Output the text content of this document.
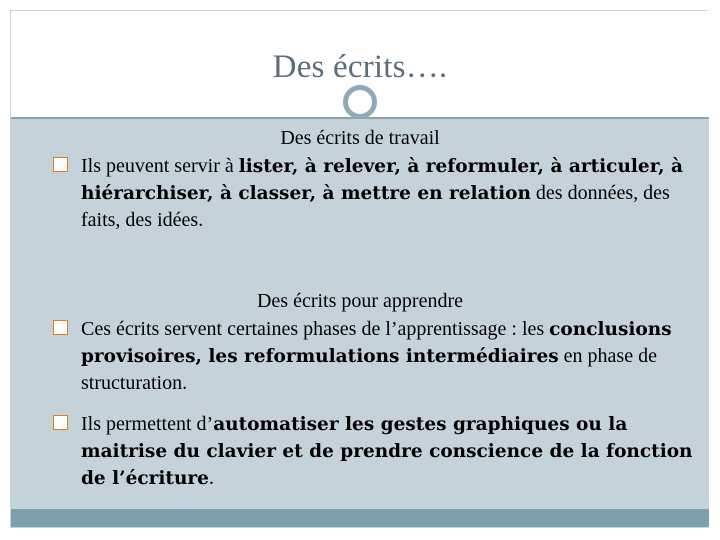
Des écrits….
Des écrits de travail
Ils peuvent servir à lister, à relever, à reformuler, à articuler, à hiérarchiser, à classer, à mettre en relation des données, des faits, des idées.
Des écrits pour apprendre
Ces écrits servent certaines phases de l’apprentissage : les conclusions provisoires, les reformulations intermédiaires en phase de structuration.
Ils permettent d’automatiser les gestes graphiques ou la maitrise du clavier et de prendre conscience de la fonction de l’écriture.
